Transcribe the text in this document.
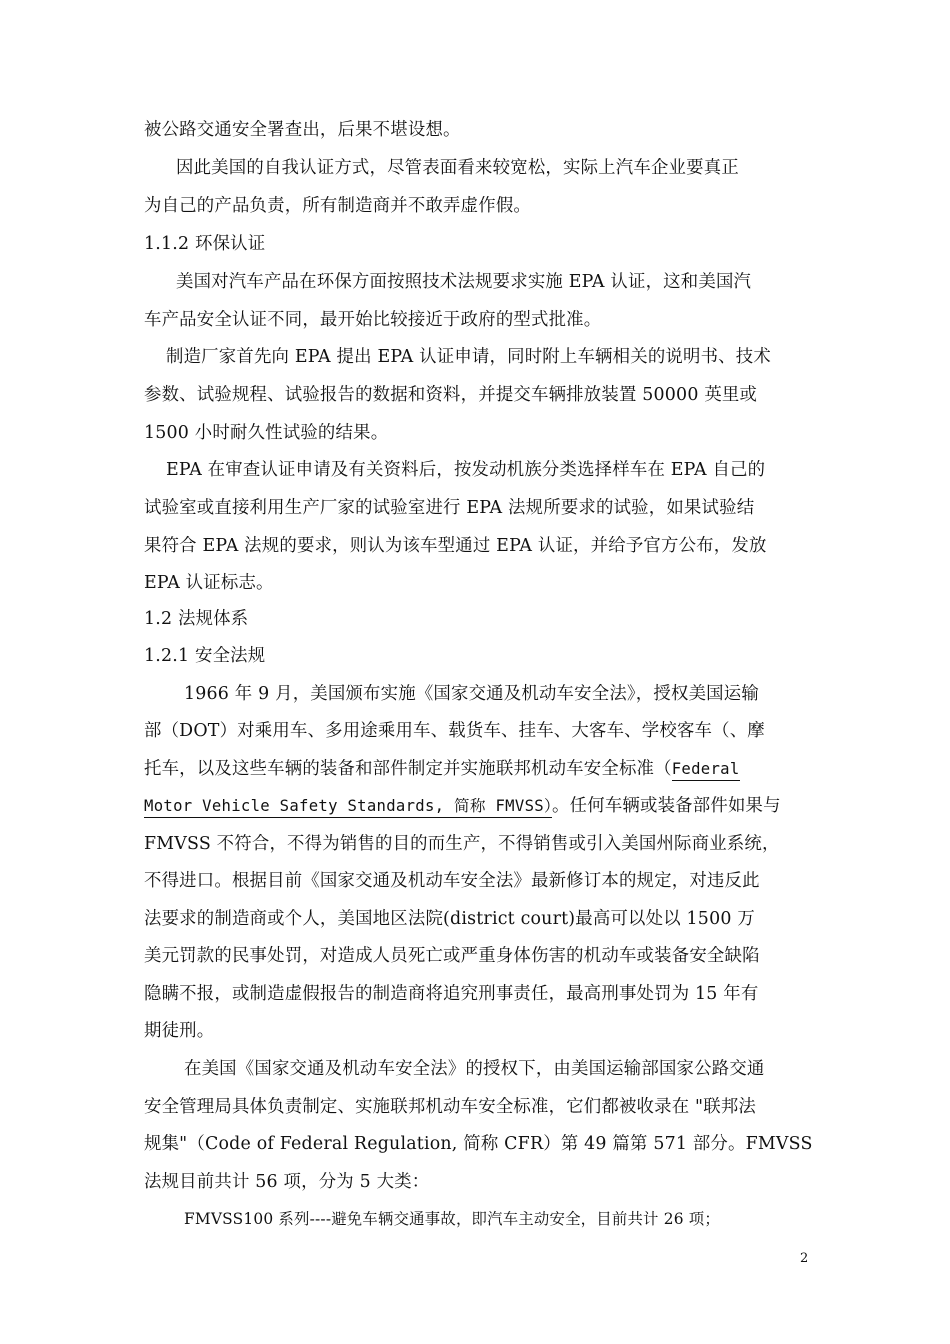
被公路交通安全署查出，后果不堪设想。
因此美国的自我认证方式，尽管表面看来较宽松，实际上汽车企业要真正
为自己的产品负责，所有制造商并不敢弄虚作假。
1.1.2 环保认证
美国对汽车产品在环保方面按照技术法规要求实施 EPA 认证，这和美国汽
车产品安全认证不同，最开始比较接近于政府的型式批准。
制造厂家首先向 EPA 提出 EPA 认证申请，同时附上车辆相关的说明书、技术
参数、试验规程、试验报告的数据和资料，并提交车辆排放装置 50000 英里或
1500 小时耐久性试验的结果。
EPA 在审查认证申请及有关资料后，按发动机族分类选择样车在 EPA 自己的
试验室或直接利用生产厂家的试验室进行 EPA 法规所要求的试验，如果试验结
果符合 EPA 法规的要求，则认为该车型通过 EPA 认证，并给予官方公布，发放
EPA 认证标志。
1.2 法规体系
1.2.1 安全法规
1966 年 9 月，美国颁布实施《国家交通及机动车安全法》，授权美国运输
部（DOT）对乘用车、多用途乘用车、载货车、挂车、大客车、学校客车（、摩
托车，以及这些车辆的装备和部件制定并实施联邦机动车安全标准（Federal
Motor Vehicle Safety Standards, 简称 FMVSS）。任何车辆或装备部件如果与
FMVSS 不符合，不得为销售的目的而生产，不得销售或引入美国州际商业系统，
不得进口。根据目前《国家交通及机动车安全法》最新修订本的规定，对违反此
法要求的制造商或个人，美国地区法院(district court)最高可以处以 1500 万
美元罚款的民事处罚，对造成人员死亡或严重身体伤害的机动车或装备安全缺陷
隐瞒不报，或制造虚假报告的制造商将追究刑事责任，最高刑事处罚为 15 年有
期徒刑。
在美国《国家交通及机动车安全法》的授权下，由美国运输部国家公路交通
安全管理局具体负责制定、实施联邦机动车安全标准，它们都被收录在 "联邦法
规集"（Code of Federal Regulation, 简称 CFR）第 49 篇第 571 部分。FMVSS
法规目前共计 56 项，分为 5 大类：
FMVSS100 系列----避免车辆交通事故，即汽车主动安全，目前共计 26 项；
2
